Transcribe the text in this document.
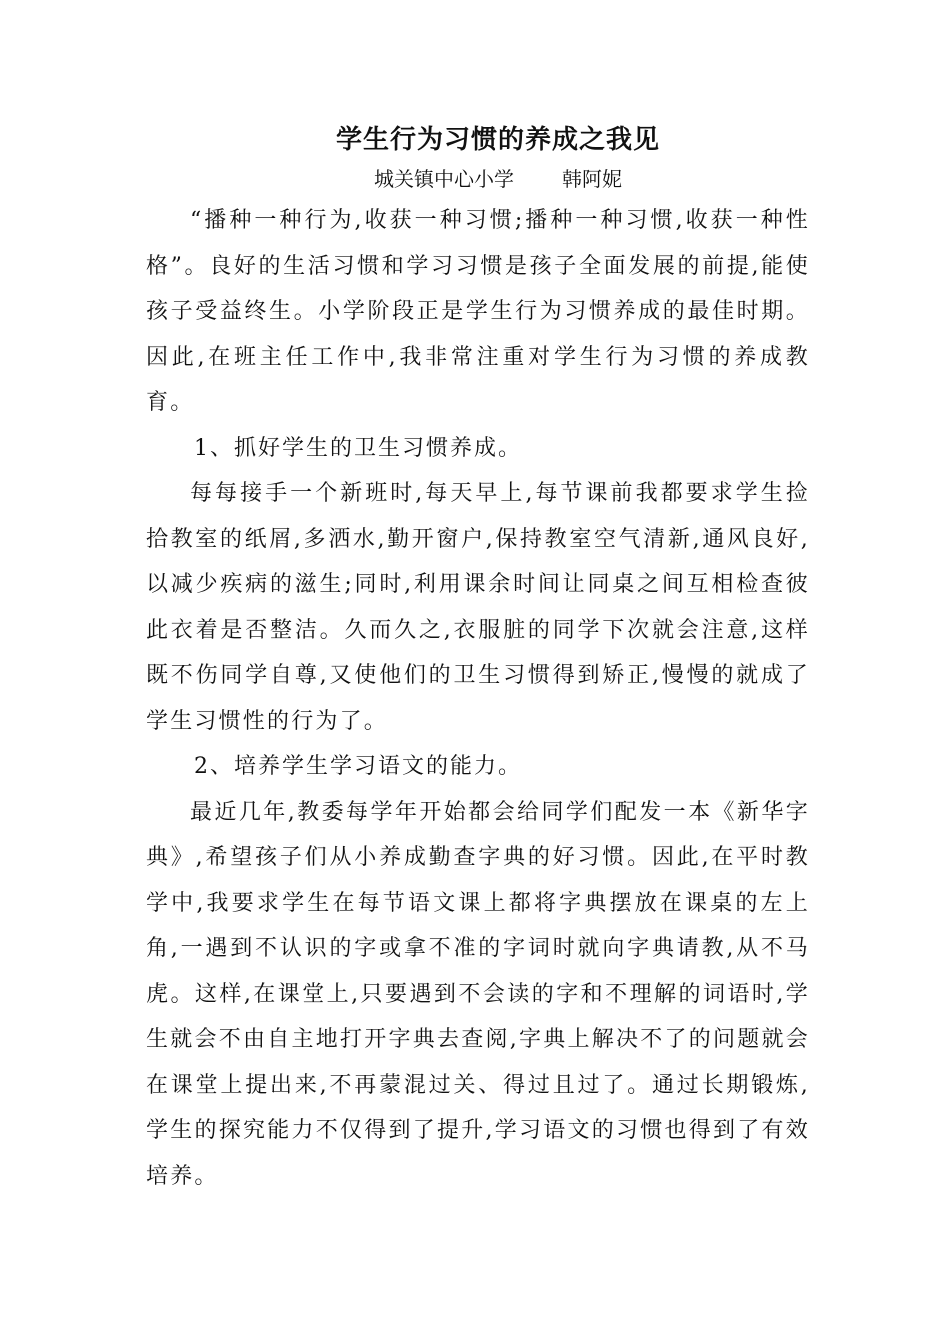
学生行为习惯的养成之我见
城关镇中心小学 韩阿妮

“播种一种行为,收获一种习惯;播种一种习惯,收获一种性格”。良好的生活习惯和学习习惯是孩子全面发展的前提,能使孩子受益终生。小学阶段正是学生行为习惯养成的最佳时期。因此,在班主任工作中,我非常注重对学生行为习惯的养成教育。

1、抓好学生的卫生习惯养成。

每每接手一个新班时,每天早上,每节课前我都要求学生捡拾教室的纸屑,多洒水,勤开窗户,保持教室空气清新,通风良好,以减少疾病的滋生;同时,利用课余时间让同桌之间互相检查彼此衣着是否整洁。久而久之,衣服脏的同学下次就会注意,这样既不伤同学自尊,又使他们的卫生习惯得到矫正,慢慢的就成了学生习惯性的行为了。

2、培养学生学习语文的能力。

最近几年,教委每学年开始都会给同学们配发一本《新华字典》,希望孩子们从小养成勤查字典的好习惯。因此,在平时教学中,我要求学生在每节语文课上都将字典摆放在课桌的左上角,一遇到不认识的字或拿不准的字词时就向字典请教,从不马虎。这样,在课堂上,只要遇到不会读的字和不理解的词语时,学生就会不由自主地打开字典去查阅,字典上解决不了的问题就会在课堂上提出来,不再蒙混过关、得过且过了。通过长期锻炼,学生的探究能力不仅得到了提升,学习语文的习惯也得到了有效培养。
